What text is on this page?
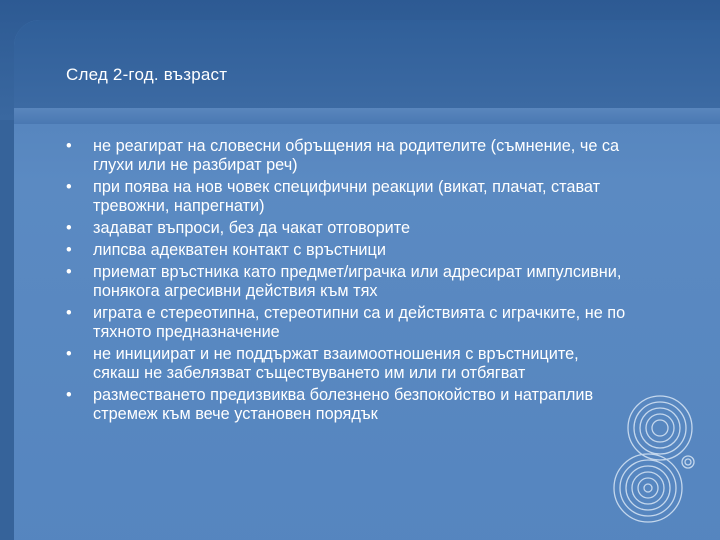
След 2-год. възраст
• не реагират на словесни обръщения на родителите (съмнение, че са глухи или не разбират реч)
• при поява на нов човек специфични реакции (викат, плачат, стават тревожни, напрегнати)
• задават въпроси, без да чакат отговорите
• липсва адекватен контакт с връстници
• приемат връстника като предмет/играчка или адресират импулсивни, понякога агресивни действия към тях
• играта е стереотипна, стереотипни са и действията с играчките, не по тяхното предназначение
• не инициират и не поддържат взаимоотношения с връстниците, сякаш не забелязват съществуването им или ги отбягват
• разместването предизвиква болезнено безпокойство и натраплив стремеж към вече установен порядък
